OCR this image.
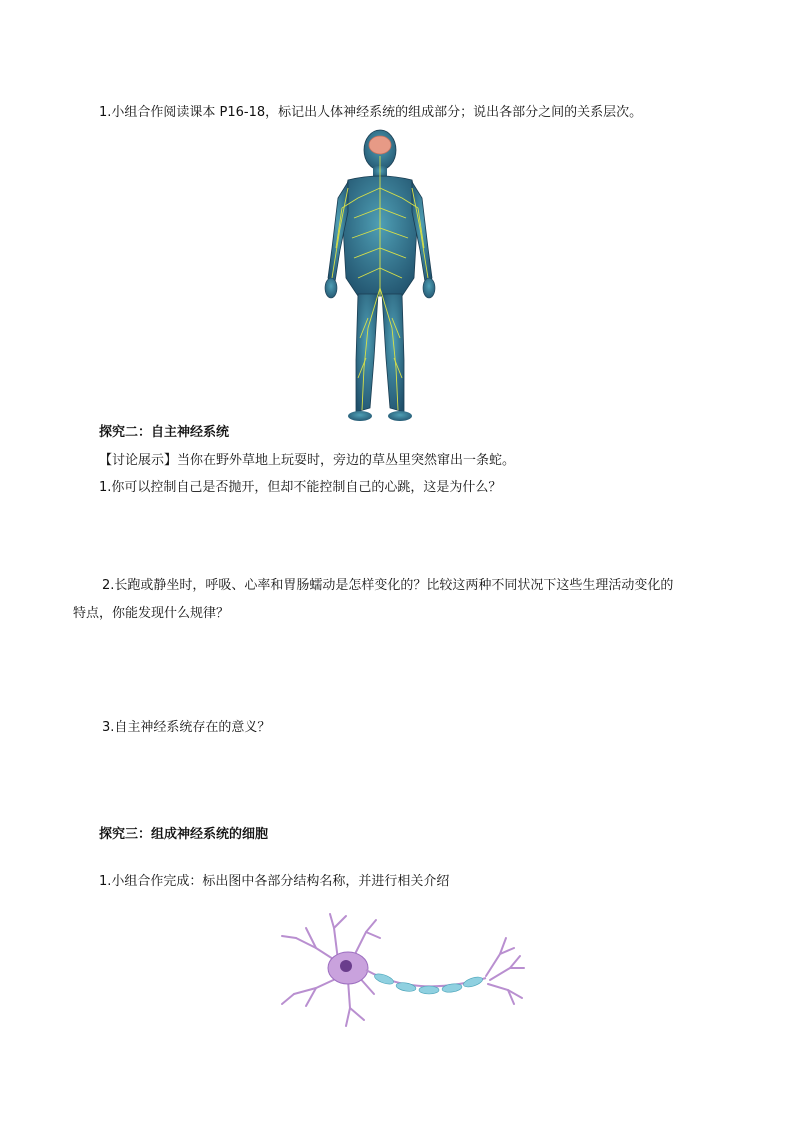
1.小组合作阅读课本 P16-18，标记出人体神经系统的组成部分；说出各部分之间的关系层次。
探究二：自主神经系统
【讨论展示】当你在野外草地上玩耍时，旁边的草丛里突然窜出一条蛇。
1.你可以控制自己是否抛开，但却不能控制自己的心跳，这是为什么？
2.长跑或静坐时，呼吸、心率和胃肠蠕动是怎样变化的？比较这两种不同状况下这些生理活动变化的
特点，你能发现什么规律？
3.自主神经系统存在的意义？
探究三：组成神经系统的细胞
1.小组合作完成：标出图中各部分结构名称，并进行相关介绍
